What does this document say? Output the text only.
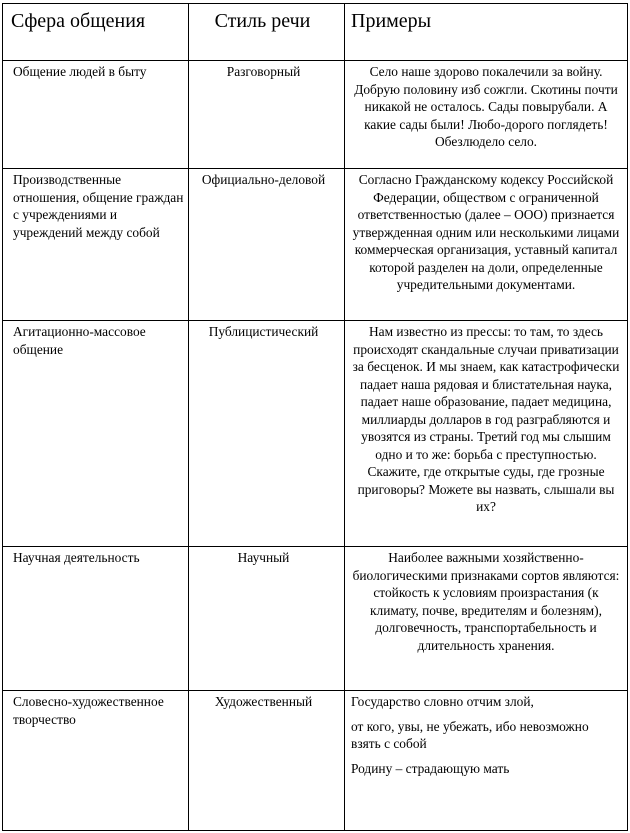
Сфера общения	Стиль речи	Примеры

Общение людей в быту	Разговорный	Село наше здорово покалечили за войну. Добрую половину изб сожгли. Скотины почти никакой не осталось. Сады повырубали. А какие сады были! Любо-дорого поглядеть! Обезлюдело село.

Производственные отношения, общение граждан с учреждениями и учреждений между собой	Официально-деловой	Согласно Гражданскому кодексу Российской Федерации, обществом с ограниченной ответственностью (далее – ООО) признается утвержденная одним или несколькими лицами коммерческая организация, уставный капитал которой разделен на доли, определенные учредительными документами.

Агитационно-массовое общение	Публицистический	Нам известно из прессы: то там, то здесь происходят скандальные случаи приватизации за бесценок. И мы знаем, как катастрофически падает наша рядовая и блистательная наука, падает наше образование, падает медицина, миллиарды долларов в год разграбляются и увозятся из страны. Третий год мы слышим одно и то же: борьба с преступностью. Скажите, где открытые суды, где грозные приговоры? Можете вы назвать, слышали вы их?

Научная деятельность	Научный	Наиболее важными хозяйственно-биологическими признаками сортов являются: стойкость к условиям произрастания (к климату, почве, вредителям и болезням), долговечность, транспортабельность и длительность хранения.

Словесно-художественное творчество	Художественный	Государство словно отчим злой,

от кого, увы, не убежать, ибо невозможно взять с собой

Родину – страдающую мать
